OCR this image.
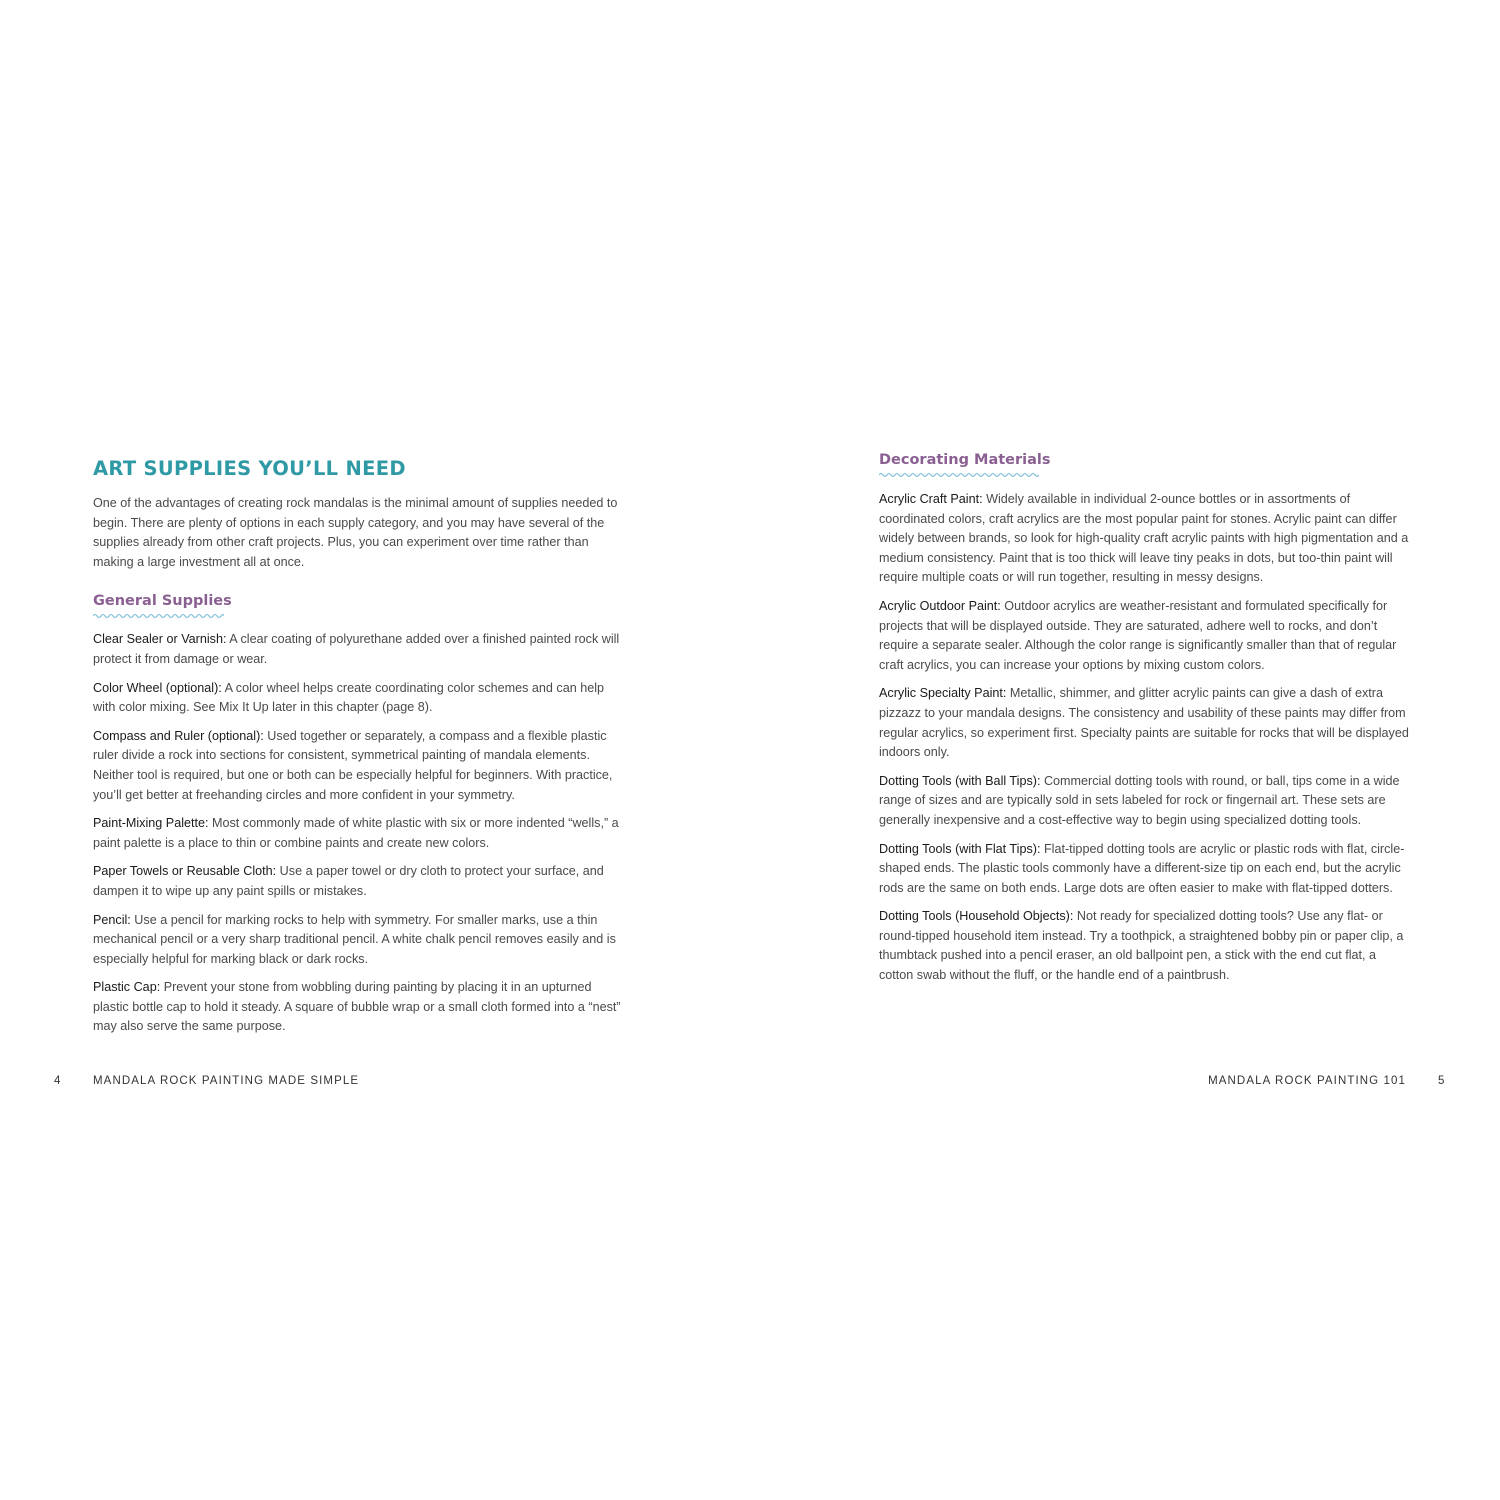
ART SUPPLIES YOU’LL NEED

One of the advantages of creating rock mandalas is the minimal amount of supplies needed to begin. There are plenty of options in each supply category, and you may have several of the supplies already from other craft projects. Plus, you can experiment over time rather than making a large investment all at once.

General Supplies

Clear Sealer or Varnish: A clear coating of polyurethane added over a finished painted rock will protect it from damage or wear.

Color Wheel (optional): A color wheel helps create coordinating color schemes and can help with color mixing. See Mix It Up later in this chapter (page 8).

Compass and Ruler (optional): Used together or separately, a compass and a flexible plastic ruler divide a rock into sections for consistent, symmetrical painting of mandala elements. Neither tool is required, but one or both can be especially helpful for beginners. With practice, you’ll get better at freehanding circles and more confident in your symmetry.

Paint-Mixing Palette: Most commonly made of white plastic with six or more indented “wells,” a paint palette is a place to thin or combine paints and create new colors.

Paper Towels or Reusable Cloth: Use a paper towel or dry cloth to protect your surface, and dampen it to wipe up any paint spills or mistakes.

Pencil: Use a pencil for marking rocks to help with symmetry. For smaller marks, use a thin mechanical pencil or a very sharp traditional pencil. A white chalk pencil removes easily and is especially helpful for marking black or dark rocks.

Plastic Cap: Prevent your stone from wobbling during painting by placing it in an upturned plastic bottle cap to hold it steady. A square of bubble wrap or a small cloth formed into a “nest” may also serve the same purpose.

Decorating Materials

Acrylic Craft Paint: Widely available in individual 2-ounce bottles or in assortments of coordinated colors, craft acrylics are the most popular paint for stones. Acrylic paint can differ widely between brands, so look for high-quality craft acrylic paints with high pigmentation and a medium consistency. Paint that is too thick will leave tiny peaks in dots, but too-thin paint will require multiple coats or will run together, resulting in messy designs.

Acrylic Outdoor Paint: Outdoor acrylics are weather-resistant and formulated specifically for projects that will be displayed outside. They are saturated, adhere well to rocks, and don’t require a separate sealer. Although the color range is significantly smaller than that of regular craft acrylics, you can increase your options by mixing custom colors.

Acrylic Specialty Paint: Metallic, shimmer, and glitter acrylic paints can give a dash of extra pizzazz to your mandala designs. The consistency and usability of these paints may differ from regular acrylics, so experiment first. Specialty paints are suitable for rocks that will be displayed indoors only.

Dotting Tools (with Ball Tips): Commercial dotting tools with round, or ball, tips come in a wide range of sizes and are typically sold in sets labeled for rock or fingernail art. These sets are generally inexpensive and a cost-effective way to begin using specialized dotting tools.

Dotting Tools (with Flat Tips): Flat-tipped dotting tools are acrylic or plastic rods with flat, circle-shaped ends. The plastic tools commonly have a different-size tip on each end, but the acrylic rods are the same on both ends. Large dots are often easier to make with flat-tipped dotters.

Dotting Tools (Household Objects): Not ready for specialized dotting tools? Use any flat- or round-tipped household item instead. Try a toothpick, a straightened bobby pin or paper clip, a thumbtack pushed into a pencil eraser, an old ballpoint pen, a stick with the end cut flat, a cotton swab without the fluff, or the handle end of a paintbrush.

4	MANDALA ROCK PAINTING MADE SIMPLE	MANDALA ROCK PAINTING 101	5
